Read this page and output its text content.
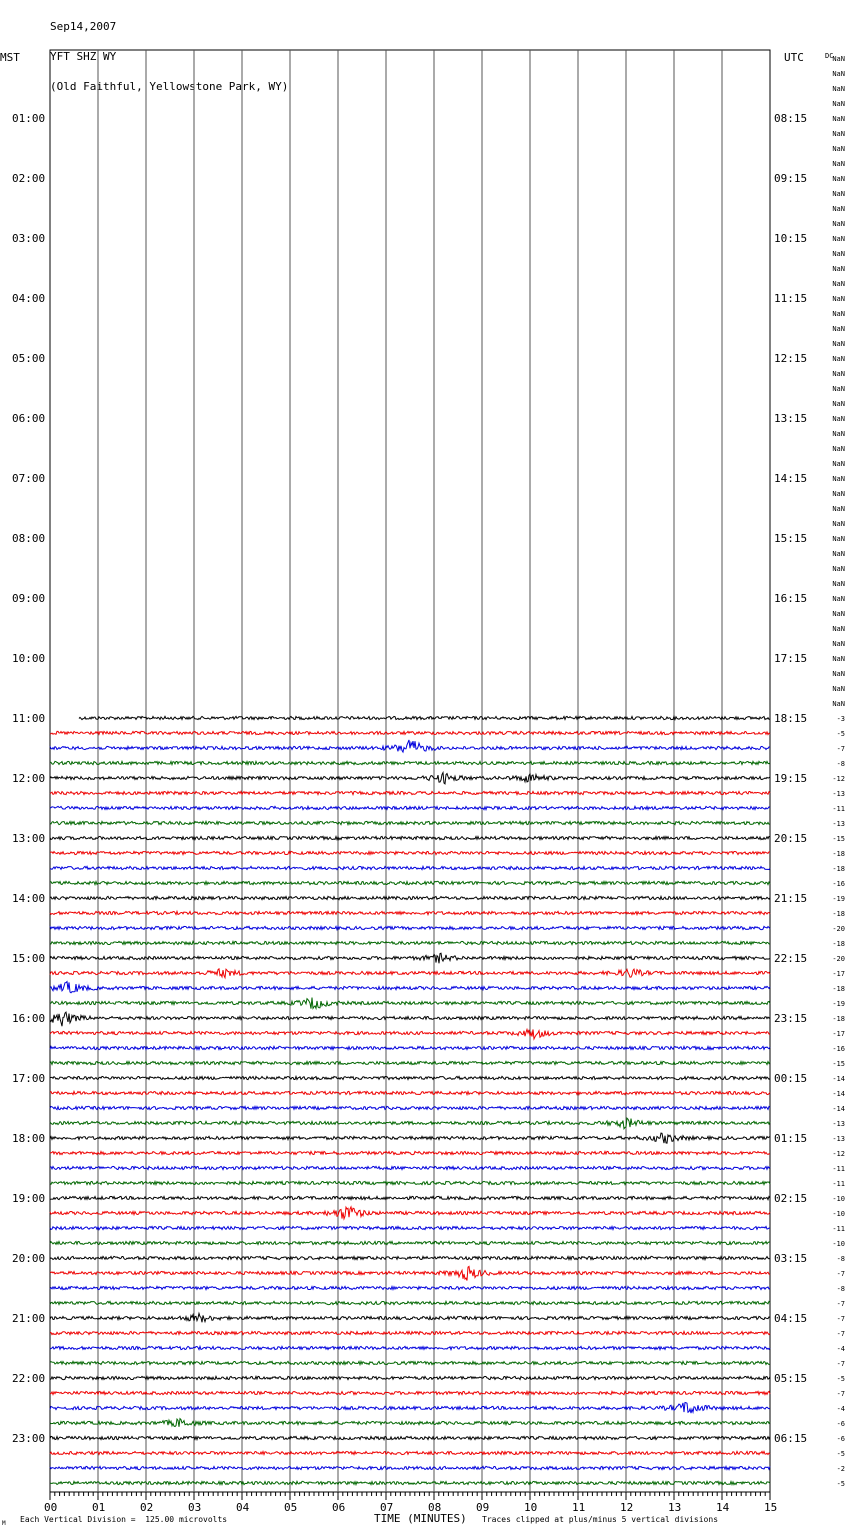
Sep14,2007

YFT SHZ WY

(Old Faithful, Yellowstone Park, WY)

MST	UTC	DC
TIME (MINUTES)
00	01	02	03	04	05	06	07	08	09	10	11	12	13	14	15
01:00
02:00
03:00
04:00
05:00
06:00
07:00
08:00
09:00
10:00
11:00
12:00
13:00
14:00
15:00
16:00
17:00
18:00
19:00
20:00
21:00
22:00
23:00
08:15
09:15
10:15
11:15
12:15
13:15
14:15
15:15
16:15
17:15
18:15
19:15
20:15
21:15
22:15
23:15
00:15
01:15
02:15
03:15
04:15
05:15
06:15
NaN
NaN
NaN
NaN
NaN
NaN
NaN
NaN
NaN
NaN
NaN
NaN
NaN
NaN
NaN
NaN
NaN
NaN
NaN
NaN
NaN
NaN
NaN
NaN
NaN
NaN
NaN
NaN
NaN
NaN
NaN
NaN
NaN
NaN
NaN
NaN
NaN
NaN
NaN
NaN
NaN
NaN
NaN
NaN
-3
-5
-7
-8
-12
-13
-11
-13
-15
-18
-18
-16
-19
-18
-20
-18
-20
-17
-18
-19
-18
-17
-16
-15
-14
-14
-14
-13
-13
-12
-11
-11
-10
-10
-11
-10
-8
-7
-8
-7
-7
-7
-4
-7
-5
-7
-4
-6
-6
-5
-2
-5
M Each Vertical Division =  125.00 microvolts	Traces clipped at plus/minus 5 vertical divisions
